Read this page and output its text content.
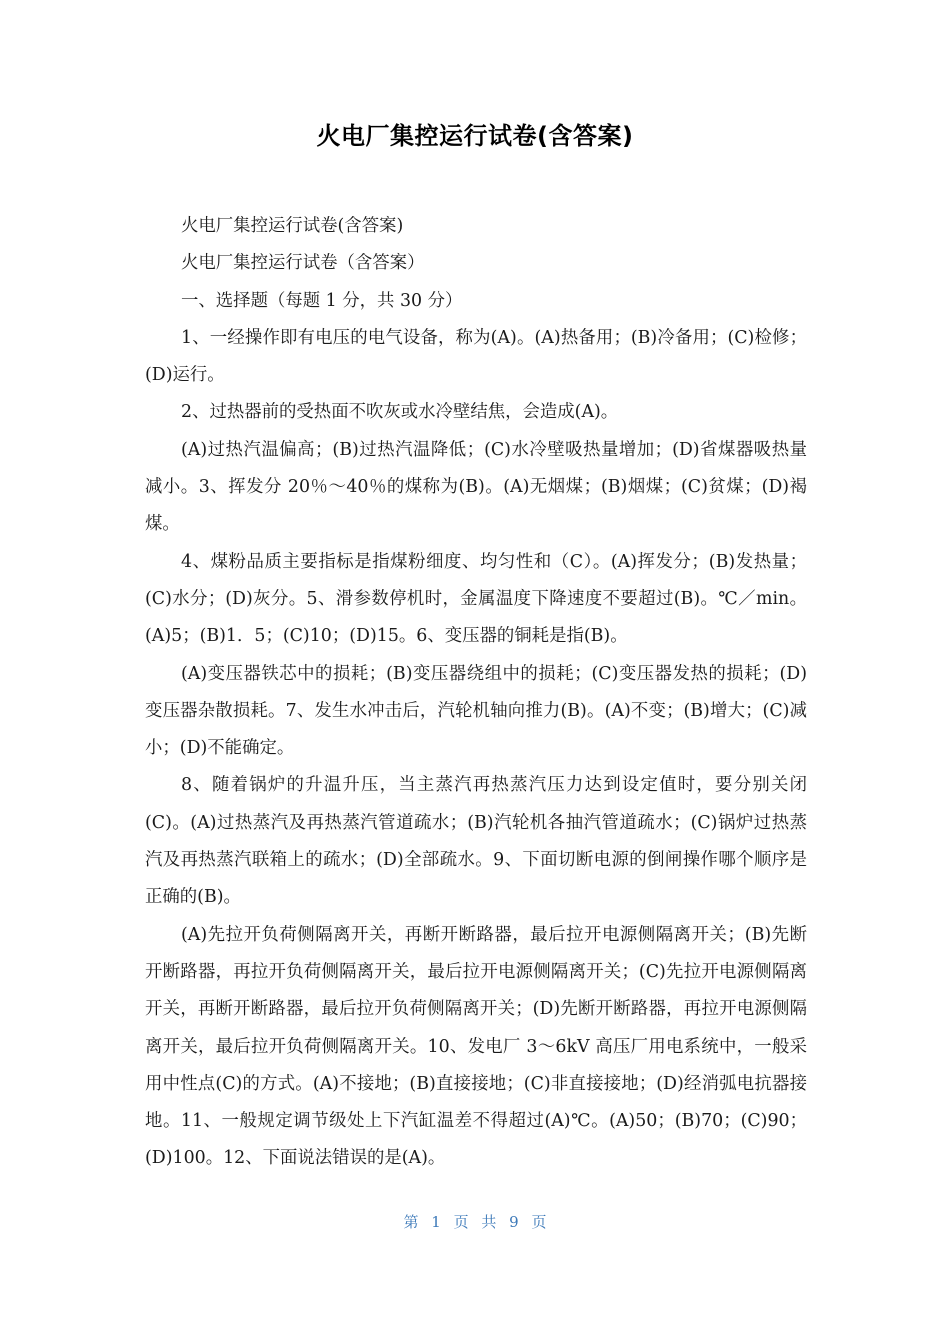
火电厂集控运行试卷(含答案)

火电厂集控运行试卷(含答案)

火电厂集控运行试卷（含答案）

一、选择题（每题 1 分，共 30 分）

1、一经操作即有电压的电气设备，称为(A)。(A)热备用；(B)冷备用；(C)检修；(D)运行。

2、过热器前的受热面不吹灰或水冷壁结焦，会造成(A)。

(A)过热汽温偏高；(B)过热汽温降低；(C)水冷壁吸热量增加；(D)省煤器吸热量减小。3、挥发分 20％～40％的煤称为(B)。(A)无烟煤；(B)烟煤；(C)贫煤；(D)褐煤。

4、煤粉品质主要指标是指煤粉细度、均匀性和（C）。(A)挥发分；(B)发热量；(C)水分；(D)灰分。5、滑参数停机时，金属温度下降速度不要超过(B)。℃／min。(A)5；(B)1．5；(C)10；(D)15。6、变压器的铜耗是指(B)。

(A)变压器铁芯中的损耗；(B)变压器绕组中的损耗；(C)变压器发热的损耗；(D)变压器杂散损耗。7、发生水冲击后，汽轮机轴向推力(B)。(A)不变；(B)增大；(C)减小；(D)不能确定。

8、随着锅炉的升温升压，当主蒸汽再热蒸汽压力达到设定值时，要分别关闭(C)。(A)过热蒸汽及再热蒸汽管道疏水；(B)汽轮机各抽汽管道疏水；(C)锅炉过热蒸汽及再热蒸汽联箱上的疏水；(D)全部疏水。9、下面切断电源的倒闸操作哪个顺序是正确的(B)。

(A)先拉开负荷侧隔离开关，再断开断路器，最后拉开电源侧隔离开关；(B)先断开断路器，再拉开负荷侧隔离开关，最后拉开电源侧隔离开关；(C)先拉开电源侧隔离开关，再断开断路器，最后拉开负荷侧隔离开关；(D)先断开断路器，再拉开电源侧隔离开关，最后拉开负荷侧隔离开关。10、发电厂 3～6kV 高压厂用电系统中，一般采用中性点(C)的方式。(A)不接地；(B)直接接地；(C)非直接接地；(D)经消弧电抗器接地。11、一般规定调节级处上下汽缸温差不得超过(A)℃。(A)50；(B)70；(C)90；(D)100。12、下面说法错误的是(A)。

第 1 页 共 9 页
